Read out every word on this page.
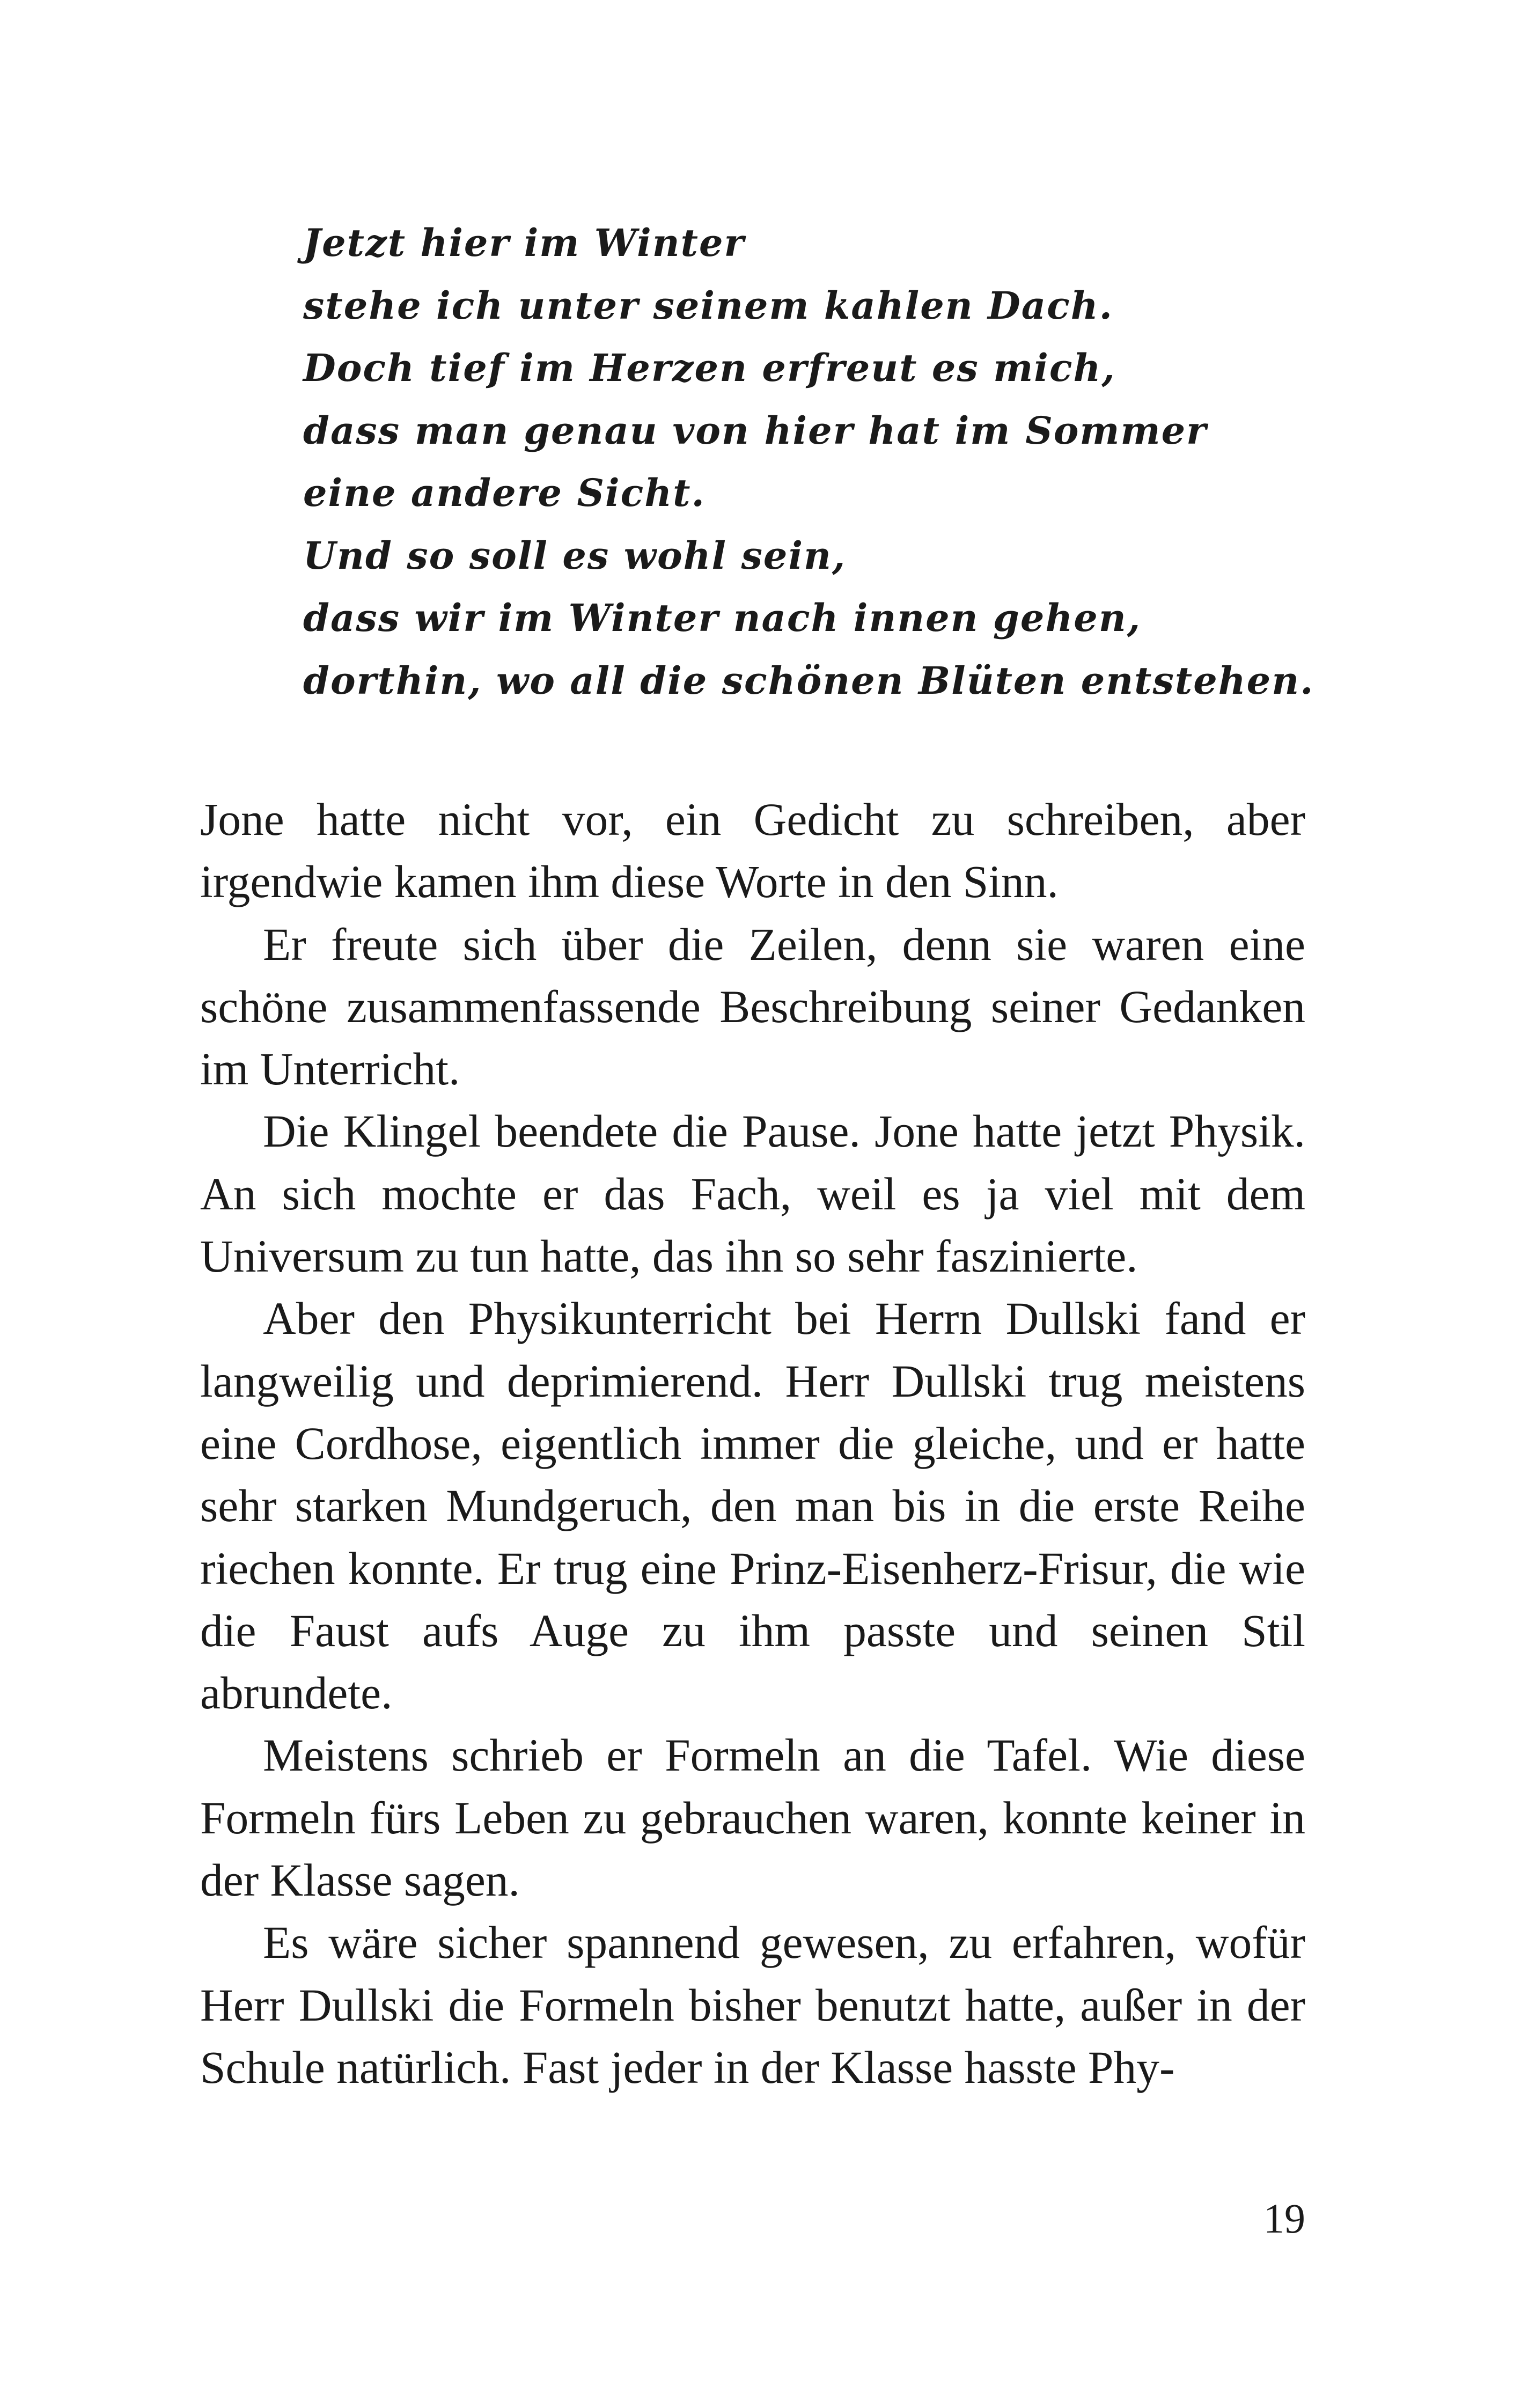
Jetzt hier im Winter
stehe ich unter seinem kahlen Dach.
Doch tief im Herzen erfreut es mich,
dass man genau von hier hat im Sommer
eine andere Sicht.
Und so soll es wohl sein,
dass wir im Winter nach innen gehen,
dorthin, wo all die schönen Blüten entstehen.

Jone hatte nicht vor, ein Gedicht zu schreiben, aber irgendwie kamen ihm diese Worte in den Sinn.

Er freute sich über die Zeilen, denn sie waren eine schöne zusammenfassende Beschreibung seiner Gedanken im Unterricht.

Die Klingel beendete die Pause. Jone hatte jetzt Physik. An sich mochte er das Fach, weil es ja viel mit dem Universum zu tun hatte, das ihn so sehr faszinierte.

Aber den Physikunterricht bei Herrn Dullski fand er langweilig und deprimierend. Herr Dullski trug meistens eine Cordhose, eigentlich immer die gleiche, und er hatte sehr starken Mundgeruch, den man bis in die erste Reihe riechen konnte. Er trug eine Prinz-Eisenherz-Frisur, die wie die Faust aufs Auge zu ihm passte und seinen Stil abrundete.

Meistens schrieb er Formeln an die Tafel. Wie diese Formeln fürs Leben zu gebrauchen waren, konnte keiner in der Klasse sagen.

Es wäre sicher spannend gewesen, zu erfahren, wofür Herr Dullski die Formeln bisher benutzt hatte, außer in der Schule natürlich. Fast jeder in der Klasse hasste Phy-

19
